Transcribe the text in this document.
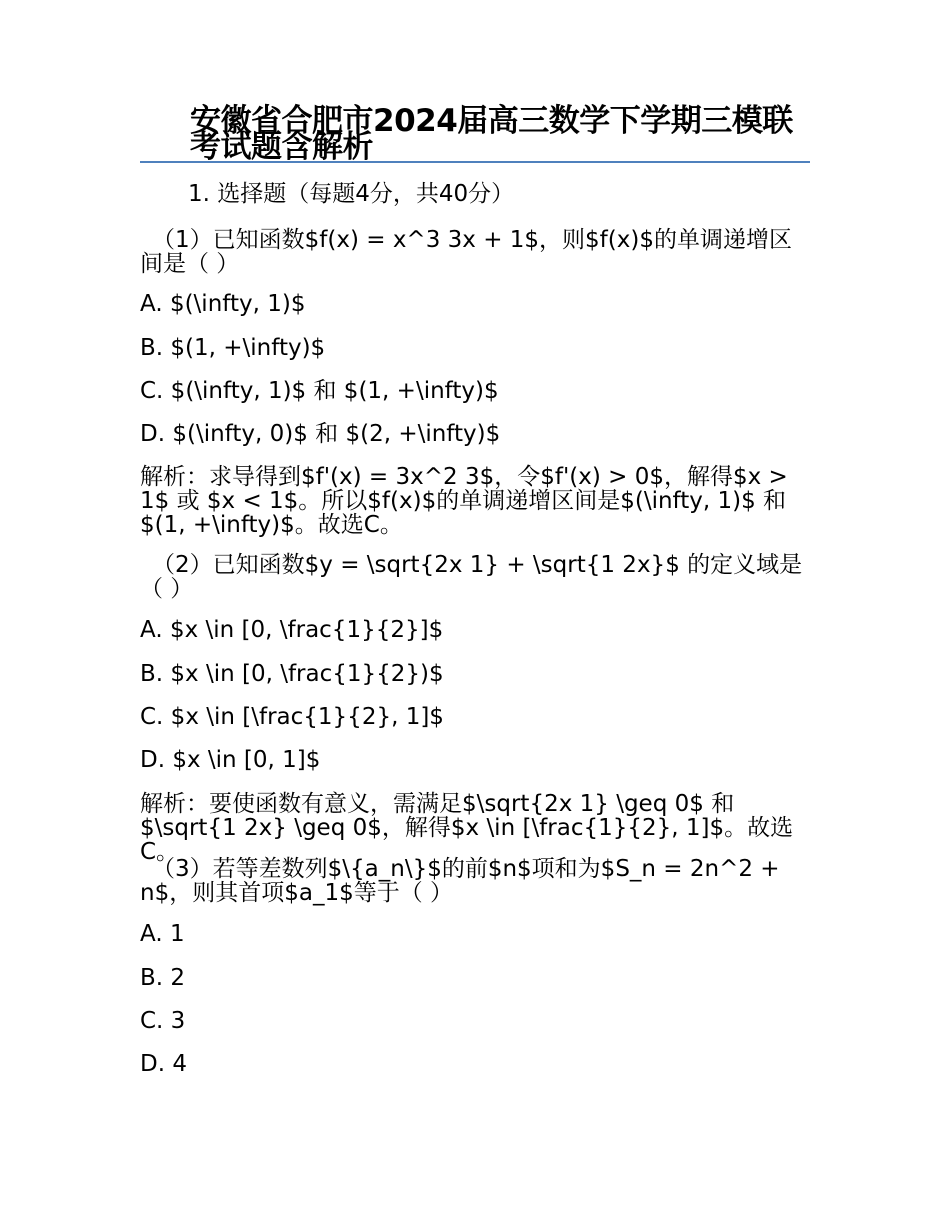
安徽省合肥市2024届高三数学下学期三模联考试题含解析
1. 选择题（每题4分，共40分）
（1）已知函数$f(x) = x^3 3x + 1$，则$f(x)$的单调递增区间是（ ）
A. $(\infty, 1)$
B. $(1, +\infty)$
C. $(\infty, 1)$ 和 $(1, +\infty)$
D. $(\infty, 0)$ 和 $(2, +\infty)$
解析：求导得到$f'(x) = 3x^2 3$，令$f'(x) > 0$，解得$x > 1$ 或 $x < 1$。所以$f(x)$的单调递增区间是$(\infty, 1)$ 和 $(1, +\infty)$。故选C。
（2）已知函数$y = \sqrt{2x 1} + \sqrt{1 2x}$ 的定义域是（ ）
A. $x \in [0, \frac{1}{2}]$
B. $x \in [0, \frac{1}{2})$
C. $x \in [\frac{1}{2}, 1]$
D. $x \in [0, 1]$
解析：要使函数有意义，需满足$\sqrt{2x 1} \geq 0$ 和 $\sqrt{1 2x} \geq 0$，解得$x \in [\frac{1}{2}, 1]$。故选C。
（3）若等差数列$\{a_n\}$的前$n$项和为$S_n = 2n^2 + n$，则其首项$a_1$等于（ ）
A. 1
B. 2
C. 3
D. 4
